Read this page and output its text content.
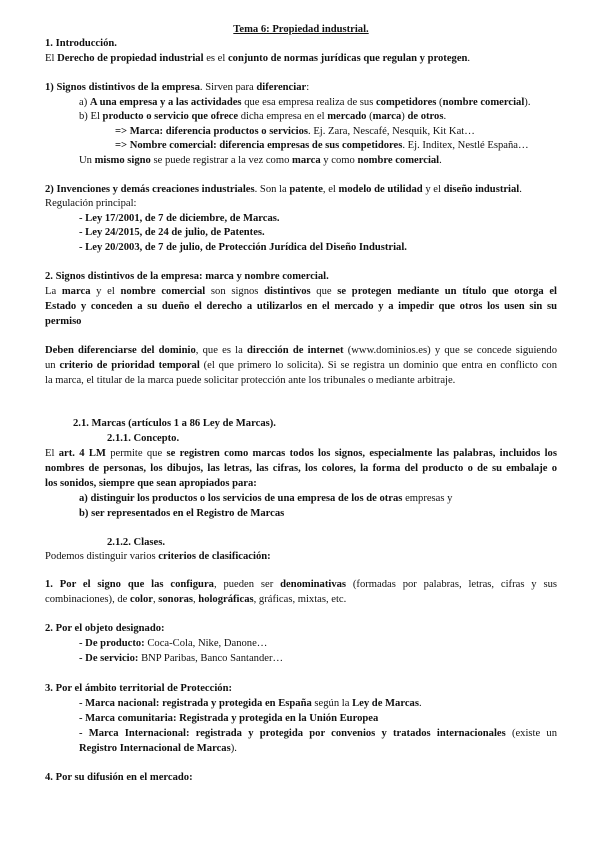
Tema 6: Propiedad industrial.
1. Introducción.
El Derecho de propiedad industrial es el conjunto de normas jurídicas que regulan y protegen.
1) Signos distintivos de la empresa. Sirven para diferenciar:
a) A una empresa y a las actividades que esa empresa realiza de sus competidores (nombre comercial).
b) El producto o servicio que ofrece dicha empresa en el mercado (marca) de otros.
=> Marca: diferencia productos o servicios. Ej. Zara, Nescafé, Nesquik, Kit Kat…
=> Nombre comercial: diferencia empresas de sus competidores. Ej. Inditex, Nestlé España…
Un mismo signo se puede registrar a la vez como marca y como nombre comercial.
2) Invenciones y demás creaciones industriales. Son la patente, el modelo de utilidad y el diseño industrial.
Regulación principal:
- Ley 17/2001, de 7 de diciembre, de Marcas.
- Ley 24/2015, de 24 de julio, de Patentes.
- Ley 20/2003, de 7 de julio, de Protección Jurídica del Diseño Industrial.
2. Signos distintivos de la empresa: marca y nombre comercial.
La marca y el nombre comercial son signos distintivos que se protegen mediante un título que otorga el
Estado y conceden a su dueño el derecho a utilizarlos en el mercado y a impedir que otros los usen sin su
permiso
Deben diferenciarse del dominio, que es la dirección de internet (www.dominios.es) y que se concede siguiendo
un criterio de prioridad temporal (el que primero lo solicita). Si se registra un dominio que entra en conflicto con
la marca, el titular de la marca puede solicitar protección ante los tribunales o mediante arbitraje.
2.1. Marcas (artículos 1 a 86 Ley de Marcas).
2.1.1. Concepto.
El art. 4 LM permite que se registren como marcas todos los signos, especialmente las palabras, incluidos los
nombres de personas, los dibujos, las letras, las cifras, los colores, la forma del producto o de su embalaje o
los sonidos, siempre que sean apropiados para:
a) distinguir los productos o los servicios de una empresa de los de otras empresas y
b) ser representados en el Registro de Marcas
2.1.2. Clases.
Podemos distinguir varios criterios de clasificación:
1. Por el signo que las configura, pueden ser denominativas (formadas por palabras, letras, cifras y sus
combinaciones), de color, sonoras, holográficas, gráficas, mixtas, etc.
2. Por el objeto designado:
- De producto: Coca-Cola, Nike, Danone…
- De servicio: BNP Paribas, Banco Santander…
3. Por el ámbito territorial de Protección:
- Marca nacional: registrada y protegida en España según la Ley de Marcas.
- Marca comunitaria: Registrada y protegida en la Unión Europea
- Marca Internacional: registrada y protegida por convenios y tratados internacionales (existe un
Registro Internacional de Marcas).
4. Por su difusión en el mercado:
